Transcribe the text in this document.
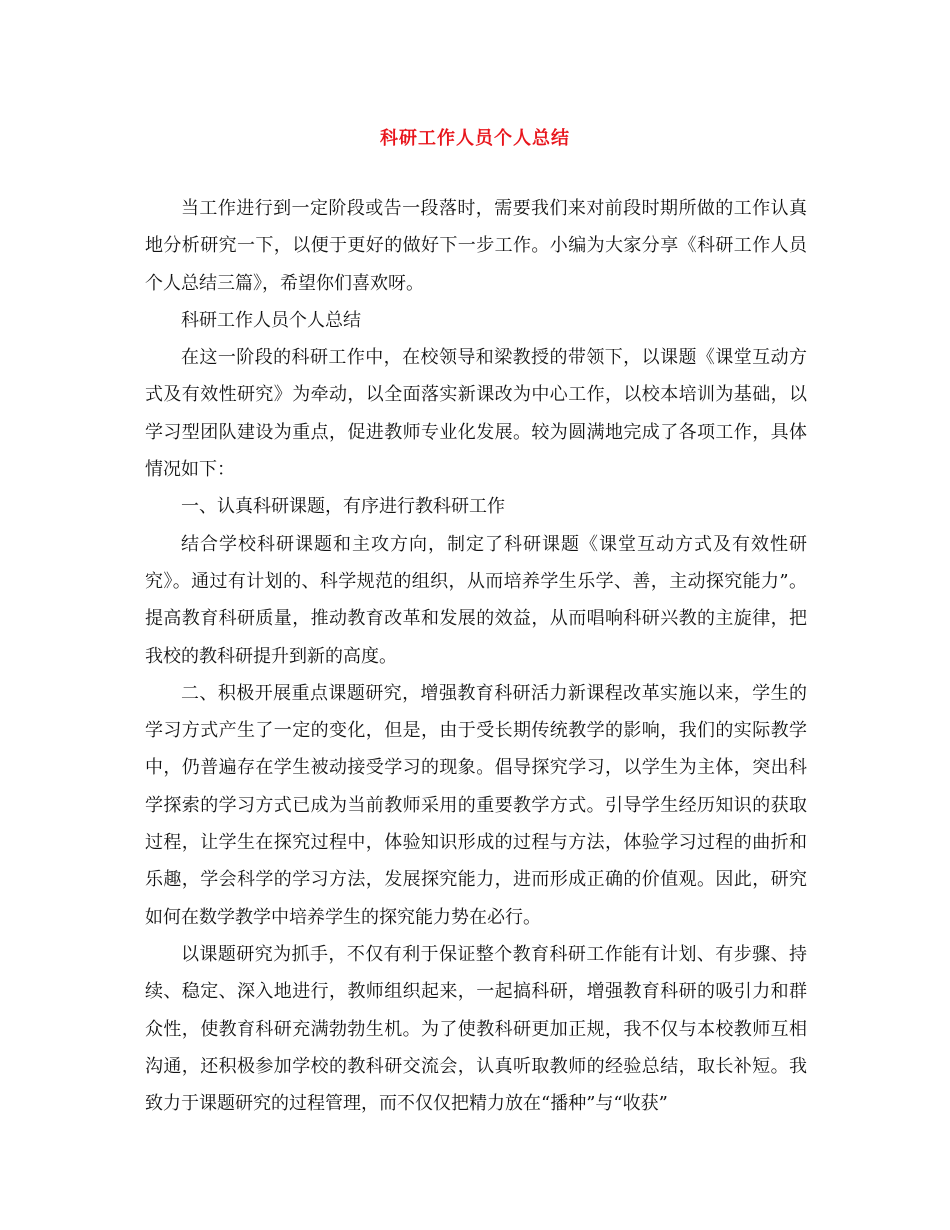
科研工作人员个人总结

当工作进行到一定阶段或告一段落时，需要我们来对前段时期所做的工作认真地分析研究一下，以便于更好的做好下一步工作。小编为大家分享《科研工作人员个人总结三篇》，希望你们喜欢呀。

科研工作人员个人总结

在这一阶段的科研工作中，在校领导和梁教授的带领下，以课题《课堂互动方式及有效性研究》为牵动，以全面落实新课改为中心工作，以校本培训为基础，以学习型团队建设为重点，促进教师专业化发展。较为圆满地完成了各项工作，具体情况如下：

一、认真科研课题，有序进行教科研工作

结合学校科研课题和主攻方向，制定了科研课题《课堂互动方式及有效性研究》。通过有计划的、科学规范的组织，从而培养学生乐学、善，主动探究能力”。提高教育科研质量，推动教育改革和发展的效益，从而唱响科研兴教的主旋律，把我校的教科研提升到新的高度。

二、积极开展重点课题研究，增强教育科研活力新课程改革实施以来，学生的学习方式产生了一定的变化，但是，由于受长期传统教学的影响，我们的实际教学中，仍普遍存在学生被动接受学习的现象。倡导探究学习，以学生为主体，突出科学探索的学习方式已成为当前教师采用的重要教学方式。引导学生经历知识的获取过程，让学生在探究过程中，体验知识形成的过程与方法，体验学习过程的曲折和乐趣，学会科学的学习方法，发展探究能力，进而形成正确的价值观。因此，研究如何在数学教学中培养学生的探究能力势在必行。

以课题研究为抓手，不仅有利于保证整个教育科研工作能有计划、有步骤、持续、稳定、深入地进行，教师组织起来，一起搞科研，增强教育科研的吸引力和群众性，使教育科研充满勃勃生机。为了使教科研更加正规，我不仅与本校教师互相沟通，还积极参加学校的教科研交流会，认真听取教师的经验总结，取长补短。我致力于课题研究的过程管理，而不仅仅把精力放在“播种”与“收获”
